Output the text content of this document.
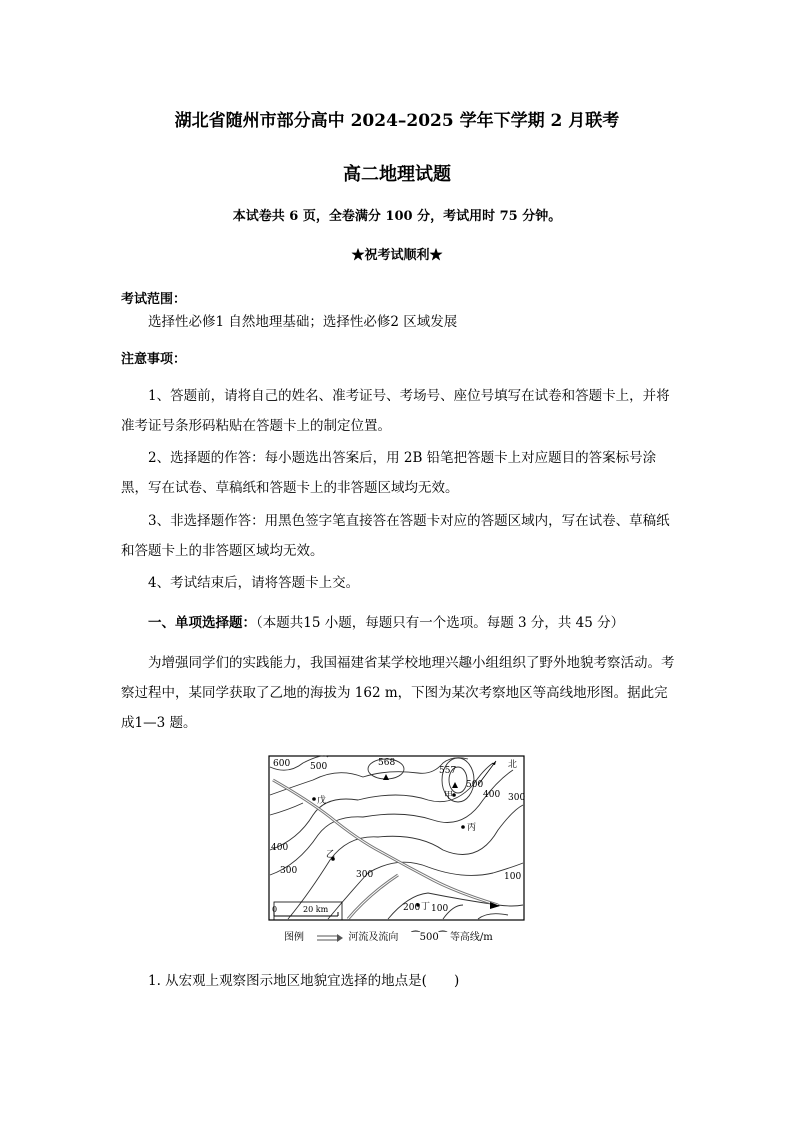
湖北省随州市部分高中 2024–2025 学年下学期 2 月联考
高二地理试题
本试卷共 6 页，全卷满分 100 分，考试用时 75 分钟。
★祝考试顺利★
考试范围：
选择性必修1 自然地理基础；选择性必修2 区域发展
注意事项：
1、答题前，请将自己的姓名、准考证号、考场号、座位号填写在试卷和答题卡上，并将准考证号条形码粘贴在答题卡上的制定位置。
2、选择题的作答：每小题选出答案后，用 2B 铅笔把答题卡上对应题目的答案标号涂黑，写在试卷、草稿纸和答题卡上的非答题区域均无效。
3、非选择题作答：用黑色签字笔直接答在答题卡对应的答题区域内，写在试卷、草稿纸和答题卡上的非答题区域均无效。
4、考试结束后，请将答题卡上交。
一、单项选择题：（本题共15 小题，每题只有一个选项。每题 3 分，共 45 分）
为增强同学们的实践能力，我国福建省某学校地理兴趣小组组织了野外地貌考察活动。考察过程中，某同学获取了乙地的海拔为 162 m，下图为某次考察地区等高线地形图。据此完成1—3 题。
600 500	568
557
500
400 300
400
300
100
200 100
300
戊
丙
乙
甲
丁
北
0	20 km
图例	河流及流向 ⁀500⁀ 等高线/m
1. 从宏观上观察图示地区地貌宜选择的地点是(　　)
